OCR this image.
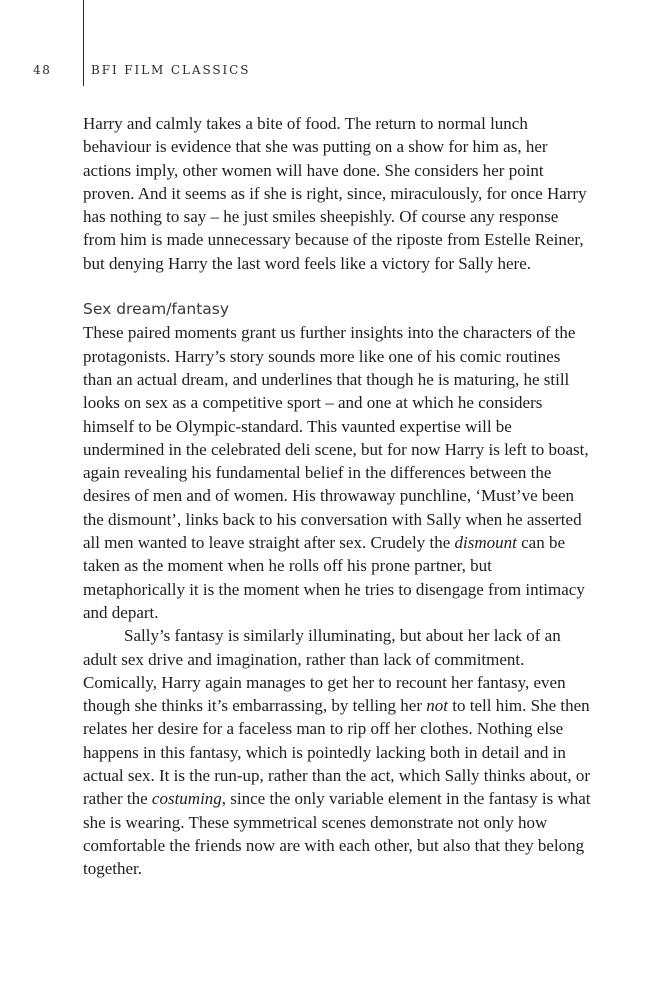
48	BFI FILM CLASSICS

Harry and calmly takes a bite of food. The return to normal lunch behaviour is evidence that she was putting on a show for him as, her actions imply, other women will have done. She considers her point proven. And it seems as if she is right, since, miraculously, for once Harry has nothing to say – he just smiles sheepishly. Of course any response from him is made unnecessary because of the riposte from Estelle Reiner, but denying Harry the last word feels like a victory for Sally here.

Sex dream/fantasy

These paired moments grant us further insights into the characters of the protagonists. Harry’s story sounds more like one of his comic routines than an actual dream, and underlines that though he is maturing, he still looks on sex as a competitive sport – and one at which he considers himself to be Olympic-standard. This vaunted expertise will be undermined in the celebrated deli scene, but for now Harry is left to boast, again revealing his fundamental belief in the differences between the desires of men and of women. His throwaway punchline, ‘Must’ve been the dismount’, links back to his conversation with Sally when he asserted all men wanted to leave straight after sex. Crudely the dismount can be taken as the moment when he rolls off his prone partner, but metaphorically it is the moment when he tries to disengage from intimacy and depart.

Sally’s fantasy is similarly illuminating, but about her lack of an adult sex drive and imagination, rather than lack of commitment. Comically, Harry again manages to get her to recount her fantasy, even though she thinks it’s embarrassing, by telling her not to tell him. She then relates her desire for a faceless man to rip off her clothes. Nothing else happens in this fantasy, which is pointedly lacking both in detail and in actual sex. It is the run-up, rather than the act, which Sally thinks about, or rather the costuming, since the only variable element in the fantasy is what she is wearing. These symmetrical scenes demonstrate not only how comfortable the friends now are with each other, but also that they belong together.
